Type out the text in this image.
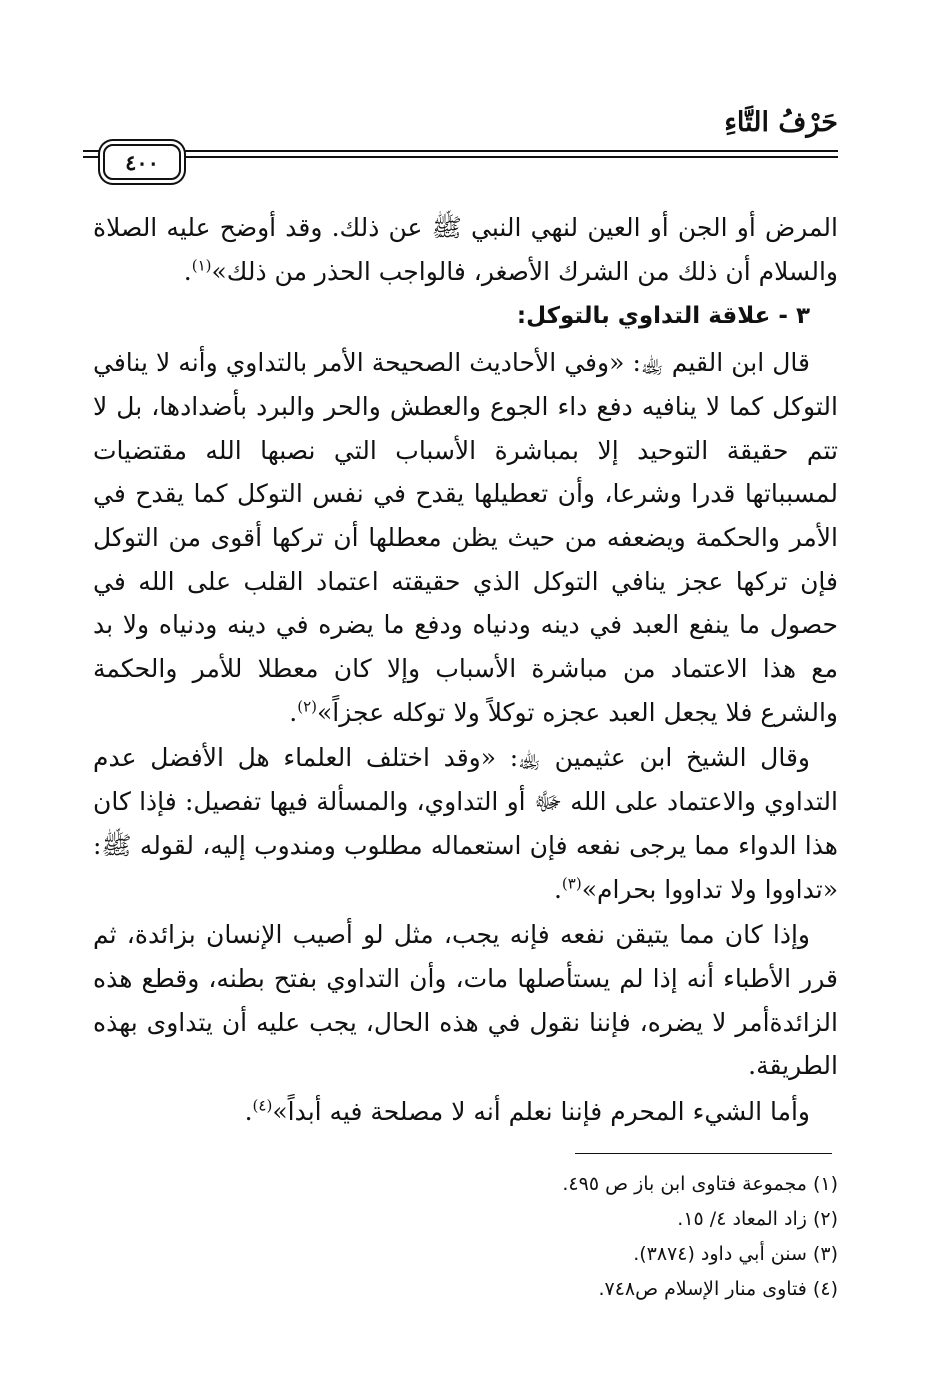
حَرْفُ التَّاءِ
٤٠٠

المرض أو الجن أو العين لنهي النبي ﷺ عن ذلك. وقد أوضح عليه الصلاة والسلام أن ذلك من الشرك الأصغر، فالواجب الحذر من ذلك»$^{(١)}$.

٣ - علاقة التداوي بالتوكل:

قال ابن القيم ﵀: «وفي الأحاديث الصحيحة الأمر بالتداوي وأنه لا ينافي التوكل كما لا ينافيه دفع داء الجوع والعطش والحر والبرد بأضدادها، بل لا تتم حقيقة التوحيد إلا بمباشرة الأسباب التي نصبها الله مقتضيات لمسبباتها قدرا وشرعا، وأن تعطيلها يقدح في نفس التوكل كما يقدح في الأمر والحكمة ويضعفه من حيث يظن معطلها أن تركها أقوى من التوكل فإن تركها عجز ينافي التوكل الذي حقيقته اعتماد القلب على الله في حصول ما ينفع العبد في دينه ودنياه ودفع ما يضره في دينه ودنياه ولا بد مع هذا الاعتماد من مباشرة الأسباب وإلا كان معطلا للأمر والحكمة والشرع فلا يجعل العبد عجزه توكلاً ولا توكله عجزاً»$^{(٢)}$.

وقال الشيخ ابن عثيمين ﵀: «وقد اختلف العلماء هل الأفضل عدم التداوي والاعتماد على الله ﷻ أو التداوي، والمسألة فيها تفصيل: فإذا كان هذا الدواء مما يرجى نفعه فإن استعماله مطلوب ومندوب إليه، لقوله ﷺ: «تداووا ولا تداووا بحرام»$^{(٣)}$.

وإذا كان مما يتيقن نفعه فإنه يجب، مثل لو أصيب الإنسان بزائدة، ثم قرر الأطباء أنه إذا لم يستأصلها مات، وأن التداوي بفتح بطنه، وقطع هذه الزائدةأمر لا يضره، فإننا نقول في هذه الحال، يجب عليه أن يتداوى بهذه الطريقة.

وأما الشيء المحرم فإننا نعلم أنه لا مصلحة فيه أبداً»$^{(٤)}$.

(١) مجموعة فتاوى ابن باز ص ٤٩٥.
(٢) زاد المعاد ٤/ ١٥.
(٣) سنن أبي داود (٣٨٧٤).
(٤) فتاوى منار الإسلام ص٧٤٨.
